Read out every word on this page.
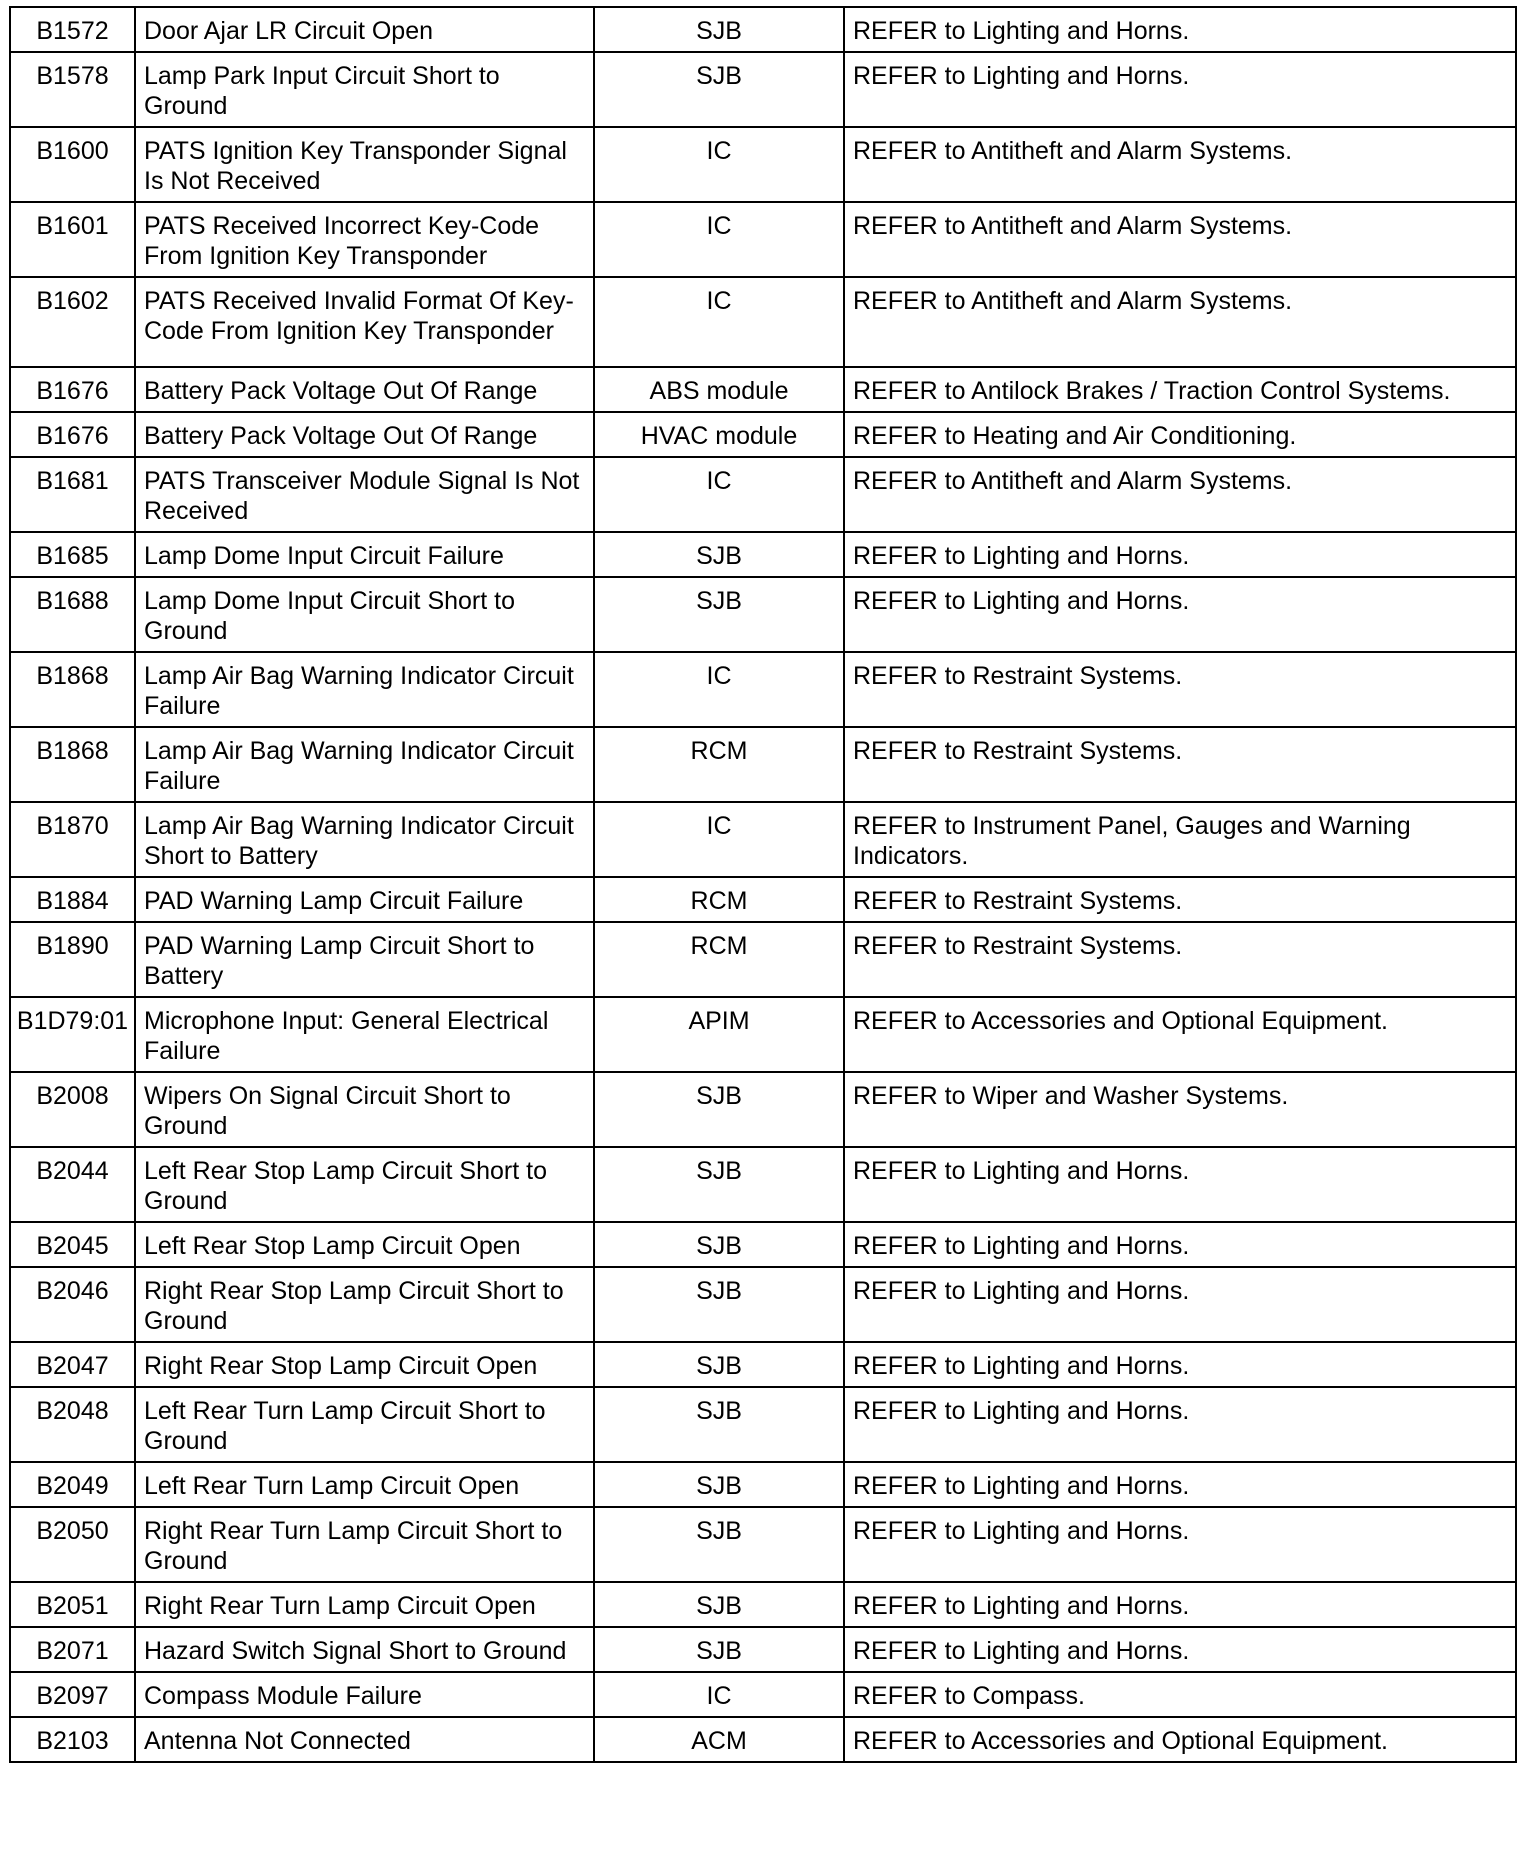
B1572	Door Ajar LR Circuit Open	SJB	REFER to Lighting and Horns.
B1578	Lamp Park Input Circuit Short to Ground	SJB	REFER to Lighting and Horns.
B1600	PATS Ignition Key Transponder Signal Is Not Received	IC	REFER to Antitheft and Alarm Systems.
B1601	PATS Received Incorrect Key-Code From Ignition Key Transponder	IC	REFER to Antitheft and Alarm Systems.
B1602	PATS Received Invalid Format Of Key-Code From Ignition Key Transponder	IC	REFER to Antitheft and Alarm Systems.
B1676	Battery Pack Voltage Out Of Range	ABS module	REFER to Antilock Brakes / Traction Control Systems.
B1676	Battery Pack Voltage Out Of Range	HVAC module	REFER to Heating and Air Conditioning.
B1681	PATS Transceiver Module Signal Is Not Received	IC	REFER to Antitheft and Alarm Systems.
B1685	Lamp Dome Input Circuit Failure	SJB	REFER to Lighting and Horns.
B1688	Lamp Dome Input Circuit Short to Ground	SJB	REFER to Lighting and Horns.
B1868	Lamp Air Bag Warning Indicator Circuit Failure	IC	REFER to Restraint Systems.
B1868	Lamp Air Bag Warning Indicator Circuit Failure	RCM	REFER to Restraint Systems.
B1870	Lamp Air Bag Warning Indicator Circuit Short to Battery	IC	REFER to Instrument Panel, Gauges and Warning Indicators.
B1884	PAD Warning Lamp Circuit Failure	RCM	REFER to Restraint Systems.
B1890	PAD Warning Lamp Circuit Short to Battery	RCM	REFER to Restraint Systems.
B1D79:01	Microphone Input: General Electrical Failure	APIM	REFER to Accessories and Optional Equipment.
B2008	Wipers On Signal Circuit Short to Ground	SJB	REFER to Wiper and Washer Systems.
B2044	Left Rear Stop Lamp Circuit Short to Ground	SJB	REFER to Lighting and Horns.
B2045	Left Rear Stop Lamp Circuit Open	SJB	REFER to Lighting and Horns.
B2046	Right Rear Stop Lamp Circuit Short to Ground	SJB	REFER to Lighting and Horns.
B2047	Right Rear Stop Lamp Circuit Open	SJB	REFER to Lighting and Horns.
B2048	Left Rear Turn Lamp Circuit Short to Ground	SJB	REFER to Lighting and Horns.
B2049	Left Rear Turn Lamp Circuit Open	SJB	REFER to Lighting and Horns.
B2050	Right Rear Turn Lamp Circuit Short to Ground	SJB	REFER to Lighting and Horns.
B2051	Right Rear Turn Lamp Circuit Open	SJB	REFER to Lighting and Horns.
B2071	Hazard Switch Signal Short to Ground	SJB	REFER to Lighting and Horns.
B2097	Compass Module Failure	IC	REFER to Compass.
B2103	Antenna Not Connected	ACM	REFER to Accessories and Optional Equipment.
